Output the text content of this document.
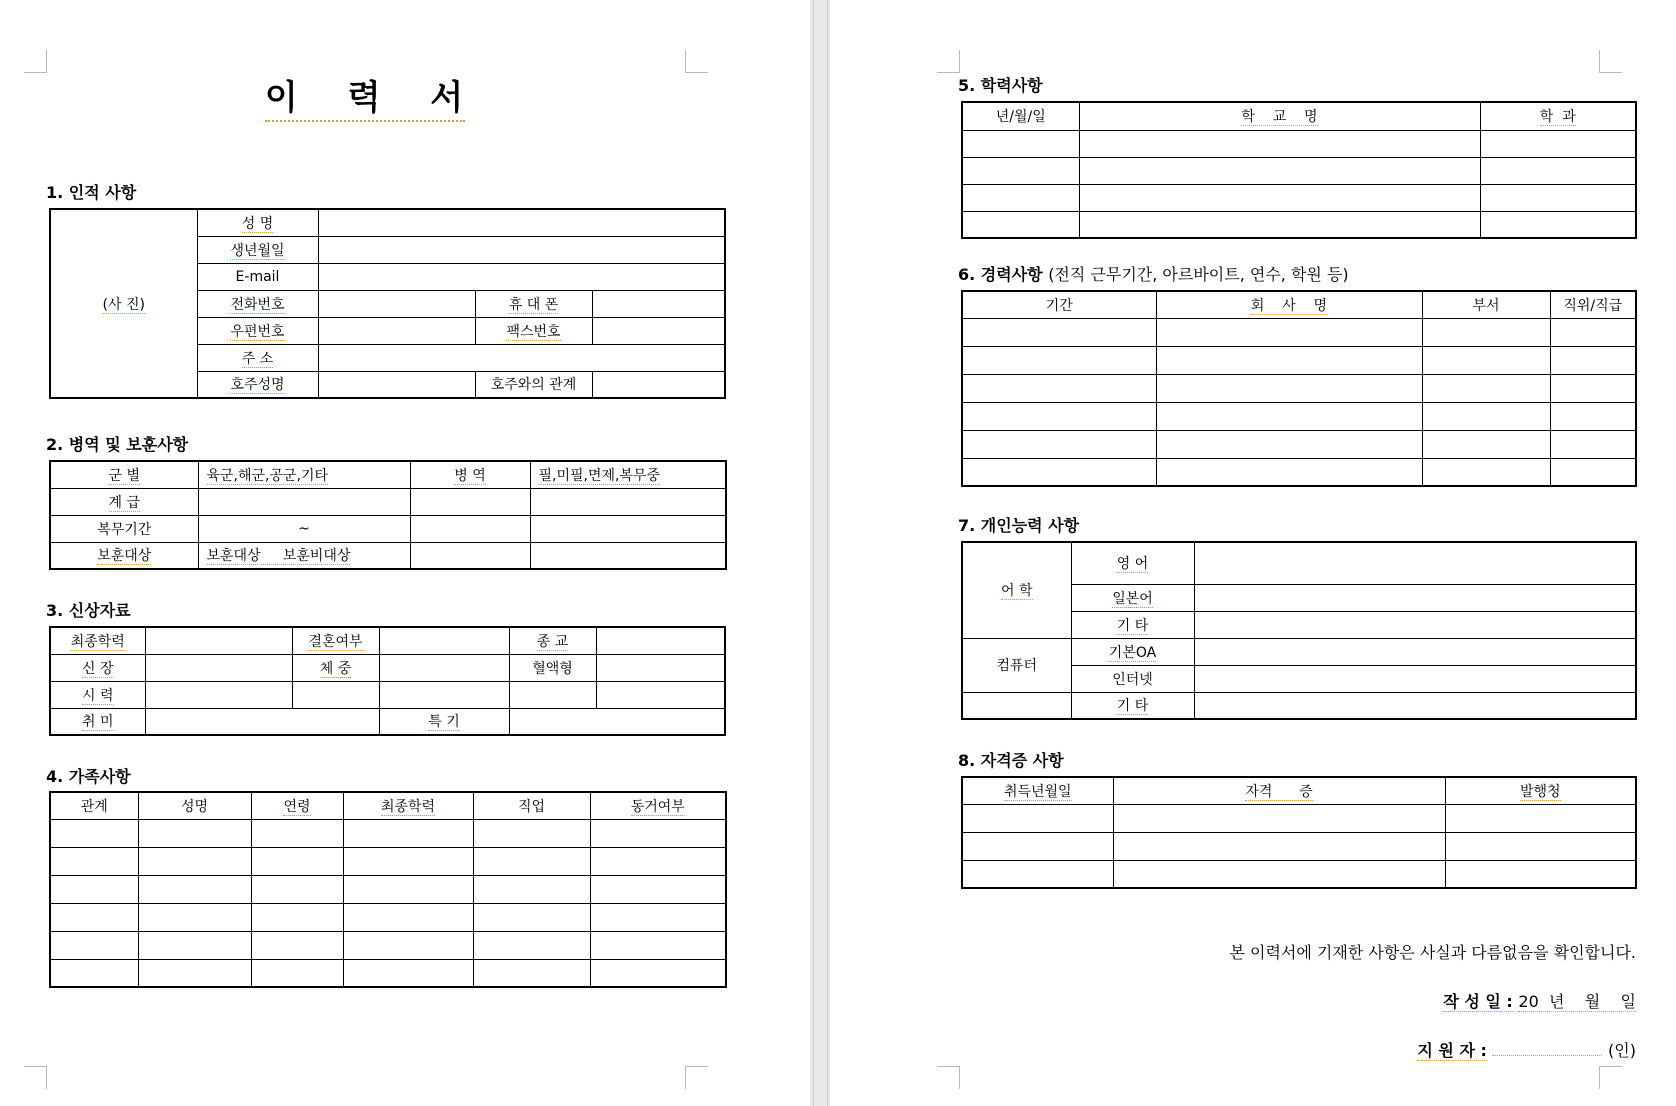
이 력 서
1. 인적 사항
(사 진)	성 명			
	생년월일			
	E-mail			
	전화번호		휴 대 폰	
	우편번호		팩스번호	
	주 소			
	호주성명		호주와의 관계	
2. 병역 및 보훈사항
군 별	육군,해군,공군,기타	병 역	필,미필,면제,복무중
계 급			
복무기간	~		
보훈대상	보훈대상     보훈비대상		
3. 신상자료
최종학력		결혼여부		종 교	
신 장		체 중		혈액형	
시 력					
취 미			특 기		
4. 가족사항
관계	성명	연령	최종학력	직업	동거여부

5. 학력사항
년/월/일	학    교    명	학  과

6. 경력사항 (전직 근무기간, 아르바이트, 연수, 학원 등)
기간	회    사    명	부서	직위/직급

7. 개인능력 사항
어 학	영 어	
	일본어	
	기 타	
컴퓨터	기본OA	
	인터넷	
	기 타	
8. 자격증 사항
취득년월일	자격      증	발행청

본 이력서에 기재한 사항은 사실과 다름없음을 확인합니다.
작 성 일 : 20  년    월    일
지 원 자 :	(인)
